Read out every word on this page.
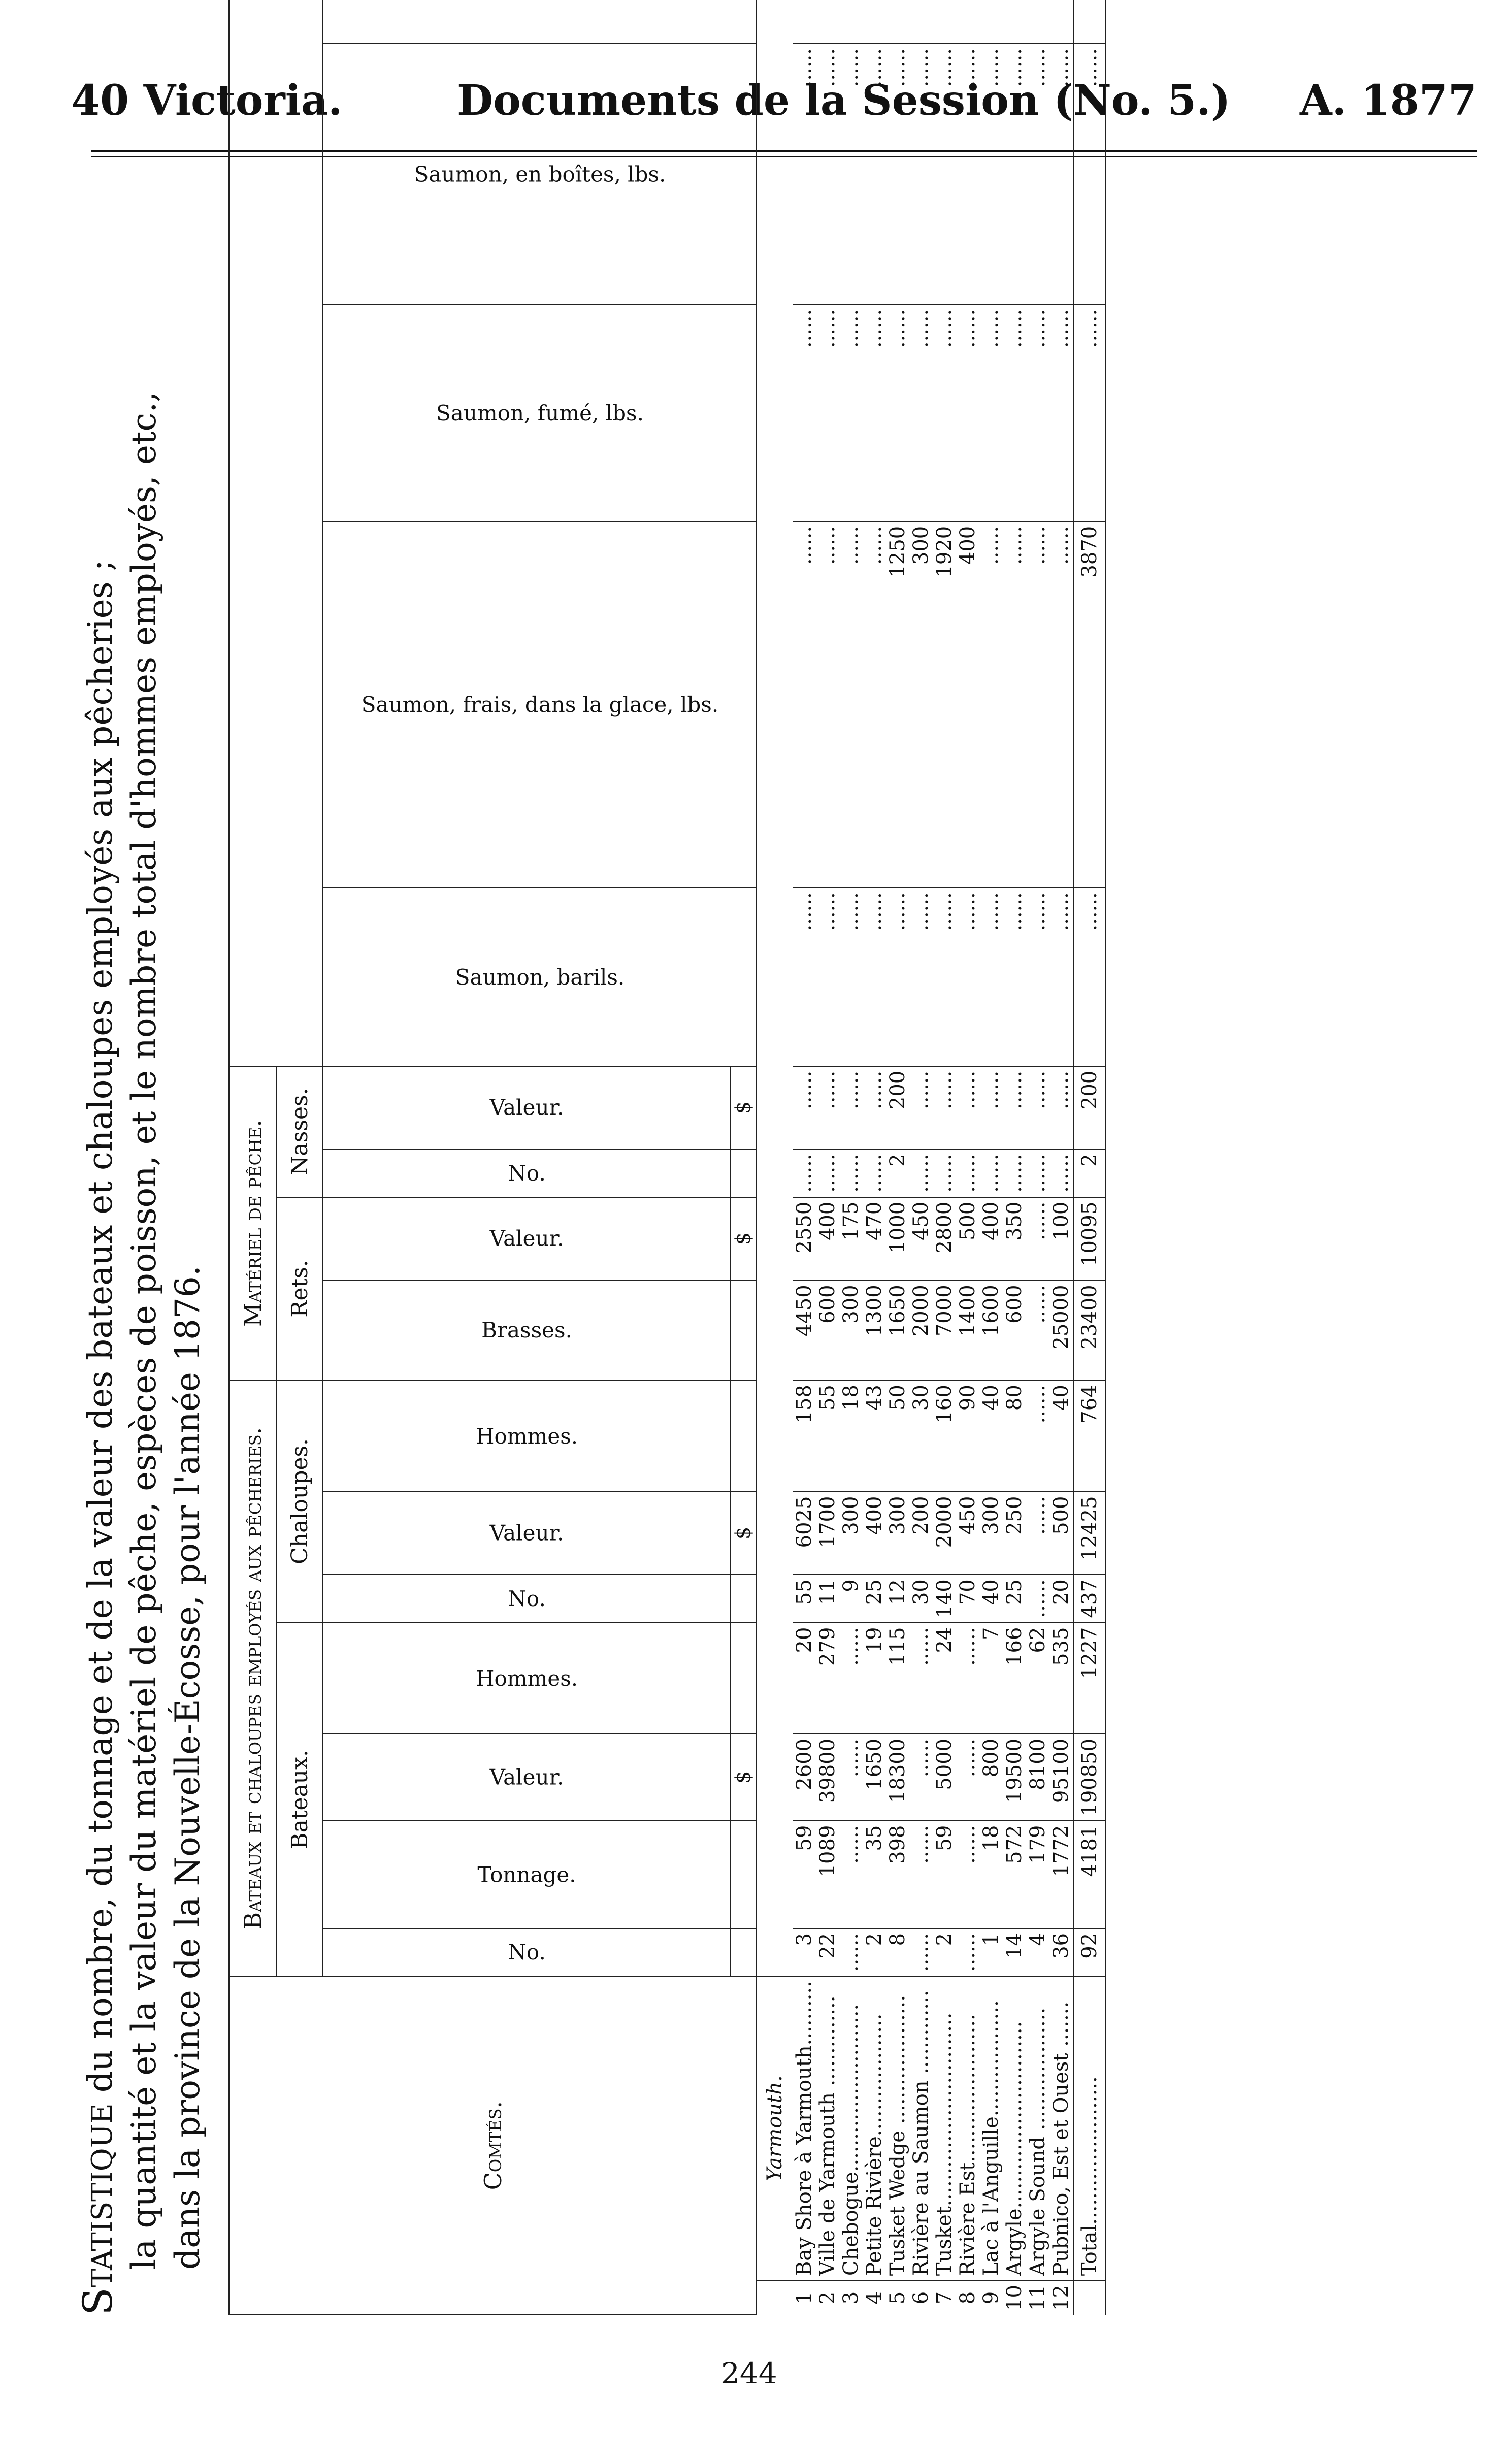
40 Victoria.	Documents de la Session (No. 5.) A. 1877

Statistique du nombre, du tonnage et de la valeur des bateaux et chaloupes employés aux pêcheries ; la quantité et la valeur du matériel de pêche, espèces de poisson, et le nombre total d'hommes employés, etc., dans la province de la Nouvelle-Écosse, pour l'année 1876.	Comtés.		Bateaux et chaloupes employés aux pêcheries.							Matériel de pêche.	
		Bateaux.				Chaloupes.			Rets.		Nasses.												
		No.	Tonnage.	Valeur.	Hommes.	No.	Valeur.	Hommes.	Brasses.	Valeur.	No.	Valeur.	Saumon, barils.	Saumon, frais, dans la glace, lbs.	Saumon, fumé, lbs.	Saumon, en boîtes, lbs.							
				$			$			$		$											
	Yarmouth.																						
1	Bay Shore à Yarmouth..........	3	59	2600	20	55	6025	158	4450	2550	......	......	......	......	......	......							
2	Ville de Yarmouth ..............	22	1089	39800	279	11	1700	55	600	400	......	......	......	......	......	......							
3	Chebogue..........................	......	......	......	......	9	300	18	300	175	......	......	......	......	......	......							
4	Petite Rivière...................	2	35	1650	19	25	400	43	1300	470	......	......	......	......	......	......							
5	Tusket Wedge ....................	8	398	18300	115	12	300	50	1650	1000	2	200	......	1250	......	......							
6	Rivière au Saumon .............	......	......	......	......	30	200	30	2000	450	......	......	......	300	......	......							
7	Tusket..............................	2	59	5000	24	140	2000	160	7000	2800	......	......	......	1920	......	......							
8	Rivière Est.......................	......	......	......	......	70	450	90	1400	500	......	......	......	400	......	......							
9	Lac à l'Anguille..................	1	18	800	7	40	300	40	1600	400	......	......	......	......	......	......							
10	Argyle.............................	14	572	19500	166	25	250	80	600	350	......	......	......	......	......	......							
11	Argyle Sound ...................	4	179	8100	62	......	......	......	......	......	......	......	......	......	......	......							
12	Pubnico, Est et Ouest .......	36	1772	95100	535	20	500	40	25000	100	......	......	......	......	......	......							
	Total.......................	92	4181	190850	1227	437	12425	764	23400	10095	2	200	......	3870	......	......							
244
